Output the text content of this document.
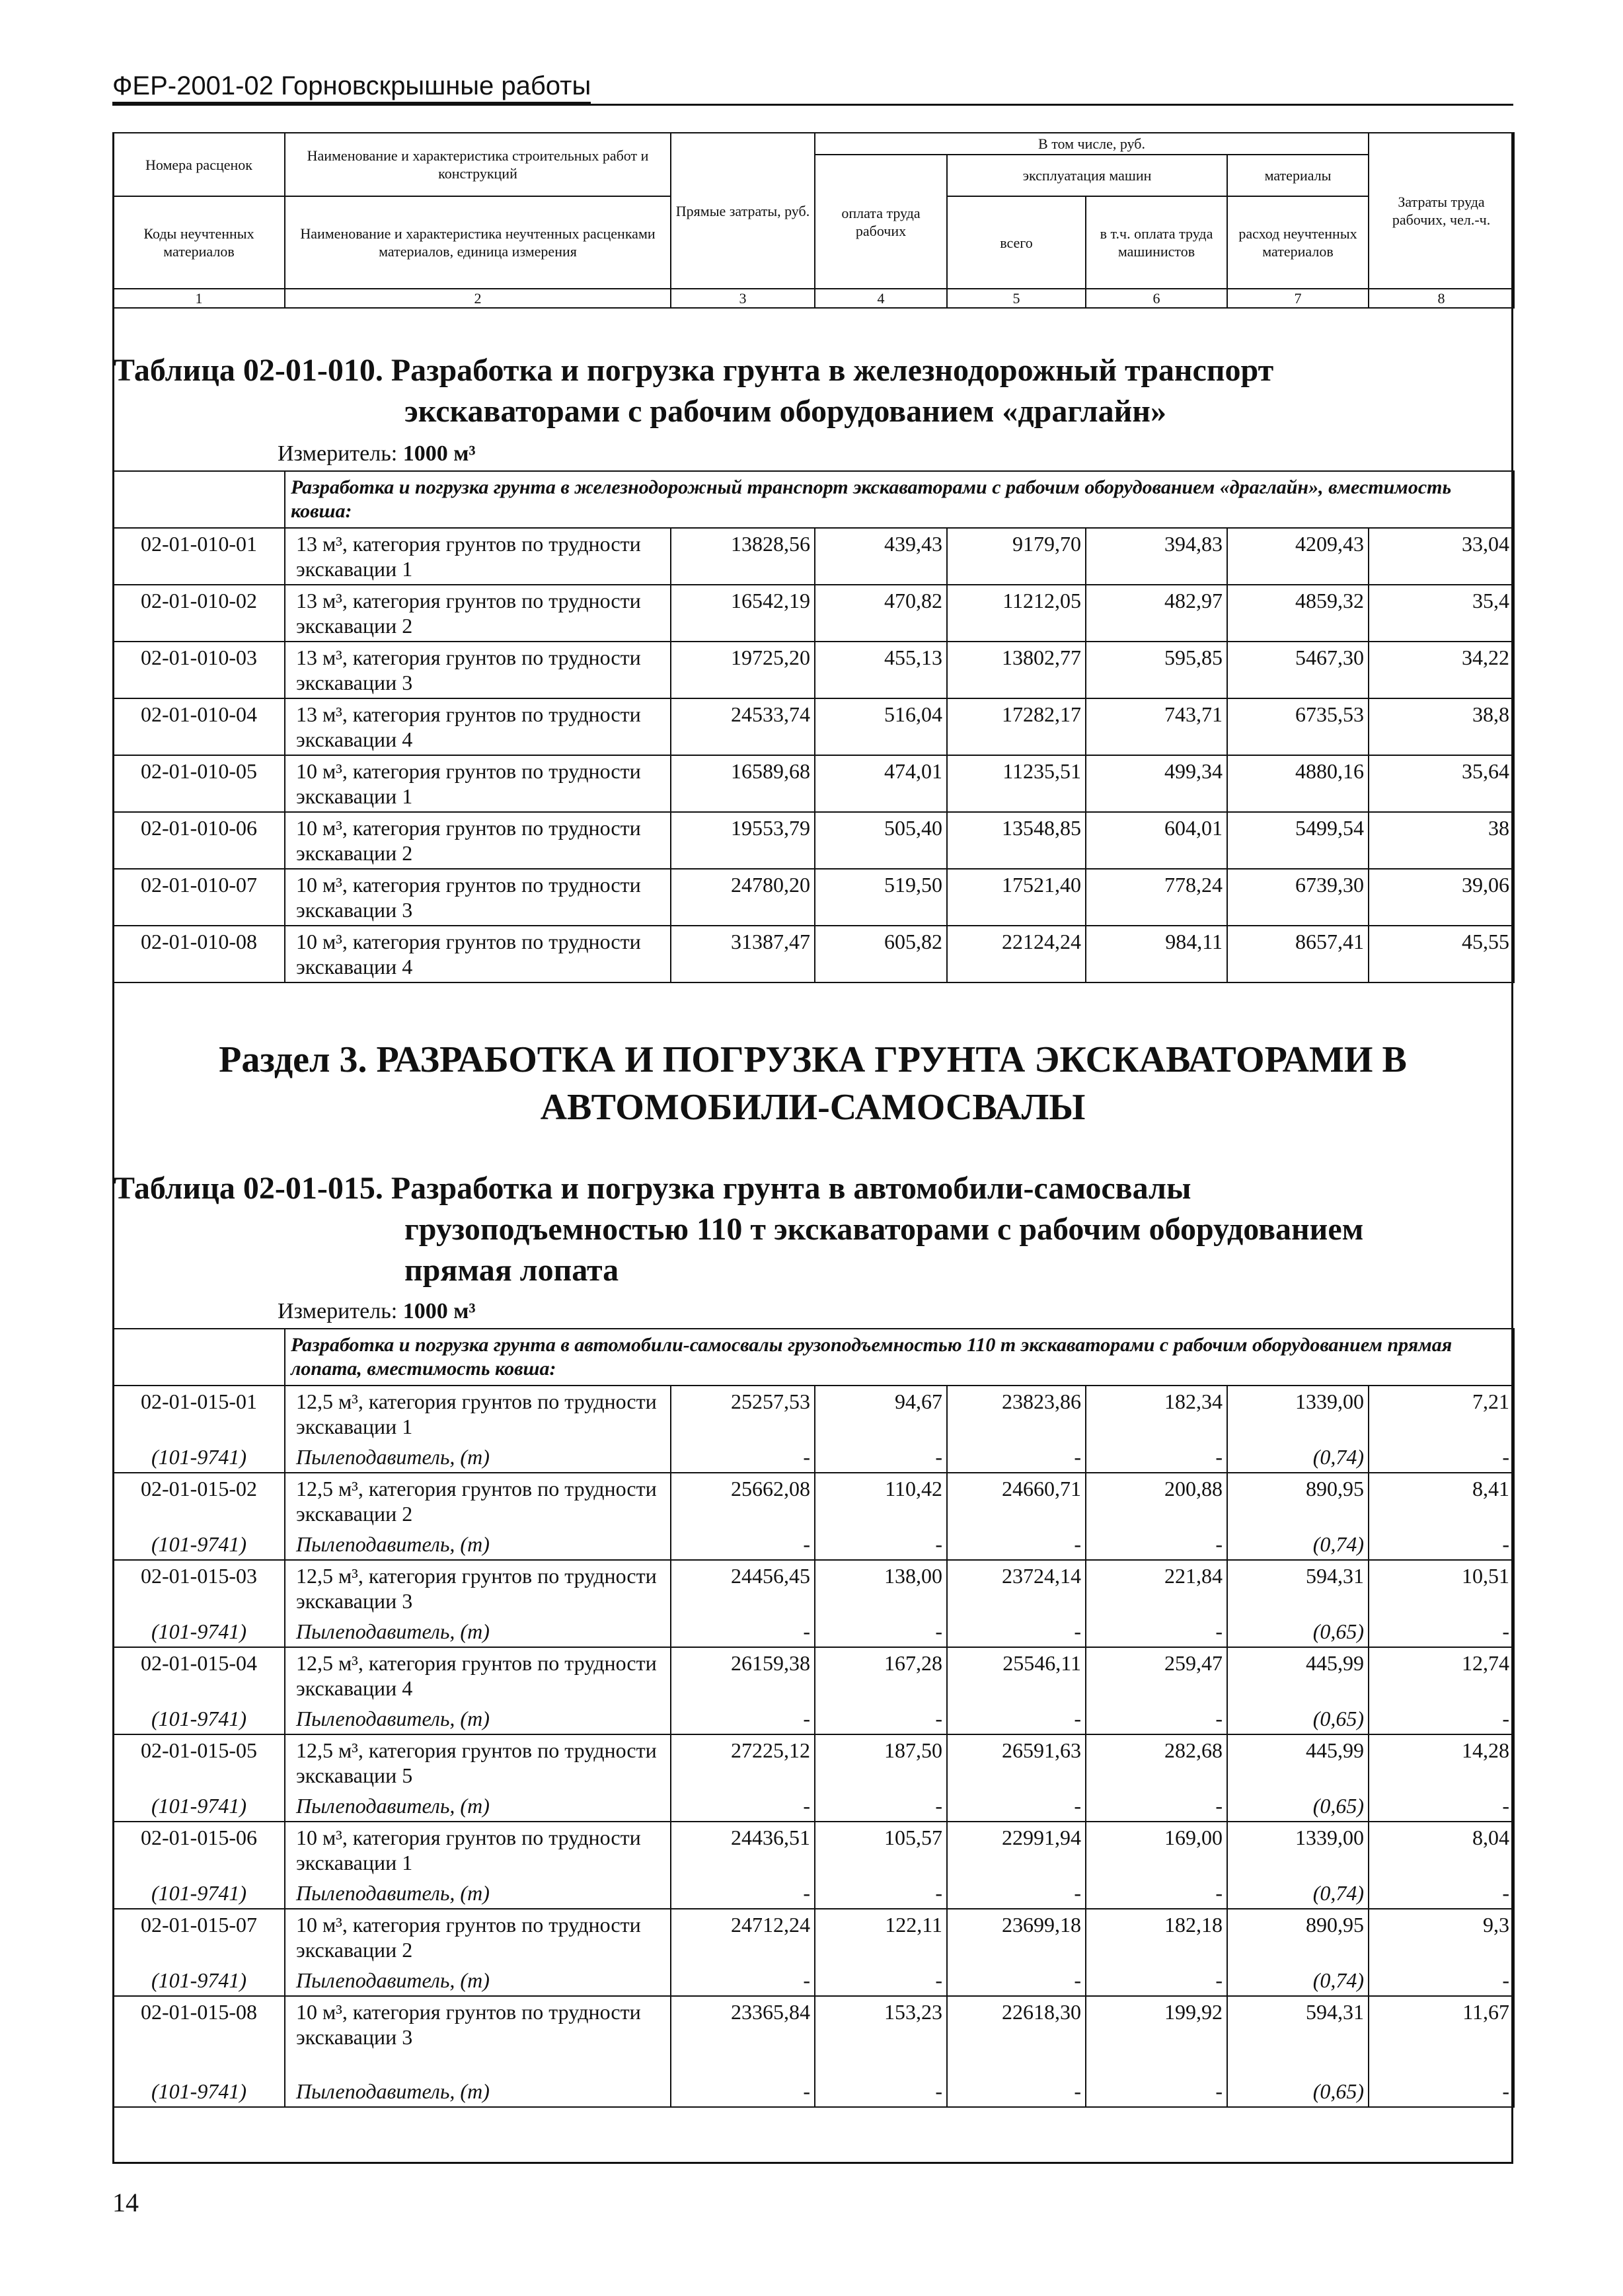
ФЕР-2001-02 Горновскрышные работы
Номера расценок	Наименование и характеристика строительных работ и конструкций	Прямые затраты, руб.	В том числе, руб.				Затраты труда рабочих, чел.-ч.
			оплата труда рабочих	эксплуатация машин		материалы	
Коды неучтенных материалов	Наименование и характеристика неучтенных расценками материалов, единица измерения			всего	в т.ч. оплата труда машинистов	расход неучтенных материалов	

1	2	3	4	5	6	7	8
Таблица 02-01-010. Разработка и погрузка грунта в железнодорожный транспорт
экскаваторами с рабочим оборудованием «драглайн»
Измеритель: 1000 м³
	Разработка и погрузка грунта в железнодорожный транспорт экскаваторами с рабочим оборудованием «драглайн», вместимость ковша:						
02-01-010-01	13 м³, категория грунтов по трудности экскавации 1	13828,56	439,43	9179,70	394,83	4209,43	33,04
02-01-010-02	13 м³, категория грунтов по трудности экскавации 2	16542,19	470,82	11212,05	482,97	4859,32	35,4
02-01-010-03	13 м³, категория грунтов по трудности экскавации 3	19725,20	455,13	13802,77	595,85	5467,30	34,22
02-01-010-04	13 м³, категория грунтов по трудности экскавации 4	24533,74	516,04	17282,17	743,71	6735,53	38,8
02-01-010-05	10 м³, категория грунтов по трудности экскавации 1	16589,68	474,01	11235,51	499,34	4880,16	35,64
02-01-010-06	10 м³, категория грунтов по трудности экскавации 2	19553,79	505,40	13548,85	604,01	5499,54	38
02-01-010-07	10 м³, категория грунтов по трудности экскавации 3	24780,20	519,50	17521,40	778,24	6739,30	39,06
02-01-010-08	10 м³, категория грунтов по трудности экскавации 4	31387,47	605,82	22124,24	984,11	8657,41	45,55
Раздел 3. РАЗРАБОТКА И ПОГРУЗКА ГРУНТА ЭКСКАВАТОРАМИ В
АВТОМОБИЛИ-САМОСВАЛЫ
Таблица 02-01-015. Разработка и погрузка грунта в автомобили-самосвалы
грузоподъемностью 110 т экскаваторами с рабочим оборудованием
прямая лопата
Измеритель: 1000 м³
	Разработка и погрузка грунта в автомобили-самосвалы грузоподъемностью 110 т экскаваторами с рабочим оборудованием прямая лопата, вместимость ковша:						
02-01-015-01	12,5 м³, категория грунтов по трудности экскавации 1	25257,53	94,67	23823,86	182,34	1339,00	7,21
(101-9741)	Пылеподавитель, (т)	-	-	-	-	(0,74)	-
02-01-015-02	12,5 м³, категория грунтов по трудности экскавации 2	25662,08	110,42	24660,71	200,88	890,95	8,41
(101-9741)	Пылеподавитель, (т)	-	-	-	-	(0,74)	-
02-01-015-03	12,5 м³, категория грунтов по трудности экскавации 3	24456,45	138,00	23724,14	221,84	594,31	10,51
(101-9741)	Пылеподавитель, (т)	-	-	-	-	(0,65)	-
02-01-015-04	12,5 м³, категория грунтов по трудности экскавации 4	26159,38	167,28	25546,11	259,47	445,99	12,74
(101-9741)	Пылеподавитель, (т)	-	-	-	-	(0,65)	-
02-01-015-05	12,5 м³, категория грунтов по трудности экскавации 5	27225,12	187,50	26591,63	282,68	445,99	14,28
(101-9741)	Пылеподавитель, (т)	-	-	-	-	(0,65)	-
02-01-015-06	10 м³, категория грунтов по трудности экскавации 1	24436,51	105,57	22991,94	169,00	1339,00	8,04
(101-9741)	Пылеподавитель, (т)	-	-	-	-	(0,74)	-
02-01-015-07	10 м³, категория грунтов по трудности экскавации 2	24712,24	122,11	23699,18	182,18	890,95	9,3
(101-9741)	Пылеподавитель, (т)	-	-	-	-	(0,74)	-
02-01-015-08	10 м³, категория грунтов по трудности экскавации 3	23365,84	153,23	22618,30	199,92	594,31	11,67
(101-9741)	Пылеподавитель, (т)	-	-	-	-	(0,65)	-
14
